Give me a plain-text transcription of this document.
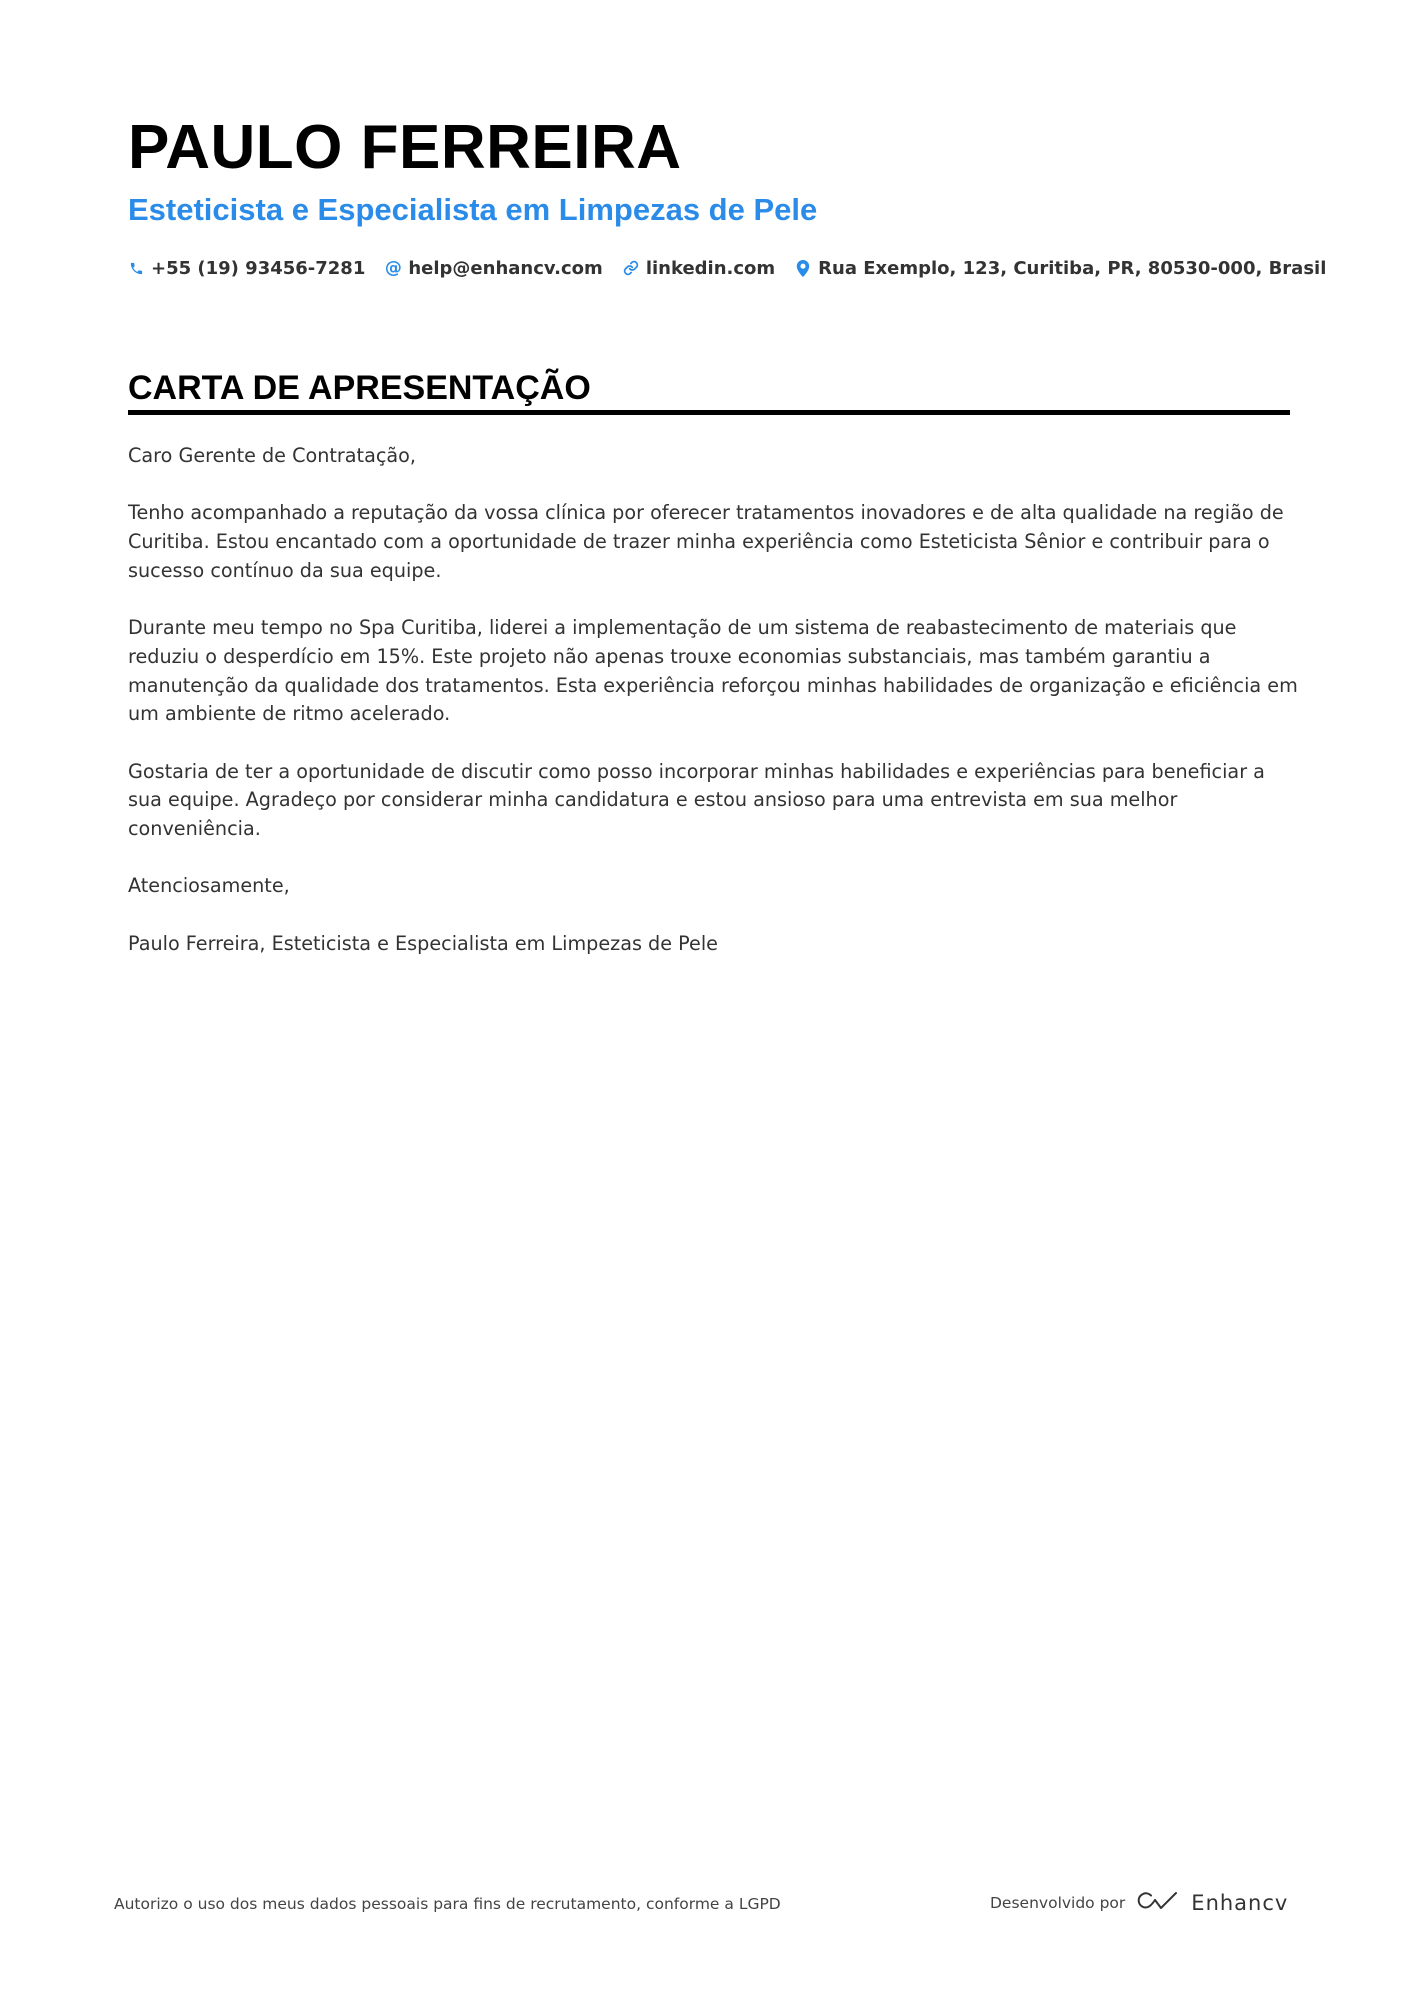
PAULO FERREIRA
Esteticista e Especialista em Limpezas de Pele
+55 (19) 93456-7281 @ help@enhancv.com linkedin.com Rua Exemplo, 123, Curitiba, PR, 80530-000, Brasil
CARTA DE APRESENTAÇÃO

Caro Gerente de Contratação,

Tenho acompanhado a reputação da vossa clínica por oferecer tratamentos inovadores e de alta qualidade na região de Curitiba. Estou encantado com a oportunidade de trazer minha experiência como Esteticista Sênior e contribuir para o sucesso contínuo da sua equipe.

Durante meu tempo no Spa Curitiba, liderei a implementação de um sistema de reabastecimento de materiais que reduziu o desperdício em 15%. Este projeto não apenas trouxe economias substanciais, mas também garantiu a manutenção da qualidade dos tratamentos. Esta experiência reforçou minhas habilidades de organização e eficiência em um ambiente de ritmo acelerado.

Gostaria de ter a oportunidade de discutir como posso incorporar minhas habilidades e experiências para beneficiar a sua equipe. Agradeço por considerar minha candidatura e estou ansioso para uma entrevista em sua melhor conveniência.

Atenciosamente,

Paulo Ferreira, Esteticista e Especialista em Limpezas de Pele

Autorizo o uso dos meus dados pessoais para fins de recrutamento, conforme a LGPD	Desenvolvido por	Enhancv
